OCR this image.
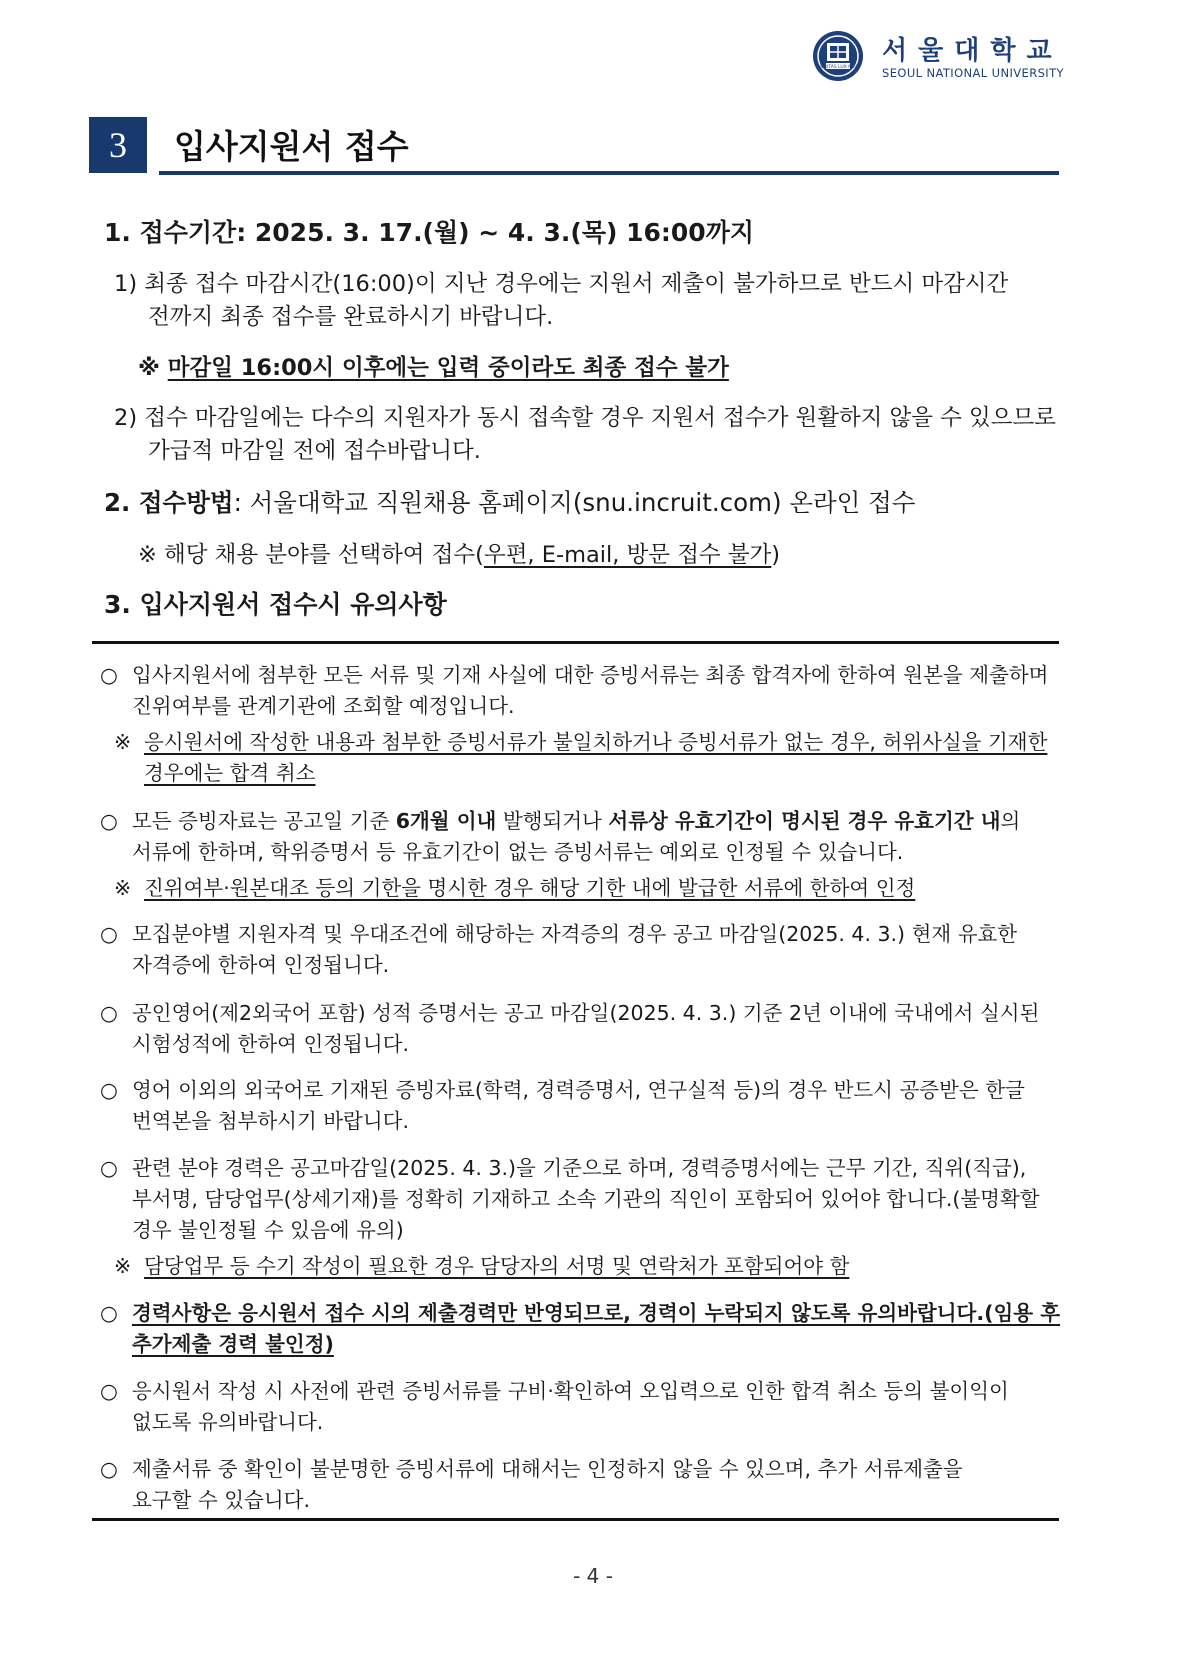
VERITAS LUX MEA
서울대학교
SEOUL NATIONAL UNIVERSITY
3	입사지원서 접수
1. 접수기간: 2025. 3. 17.(월) ~ 4. 3.(목) 16:00까지
1) 최종 접수 마감시간(16:00)이 지난 경우에는 지원서 제출이 불가하므로 반드시 마감시간
전까지 최종 접수를 완료하시기 바랍니다.
※ 마감일 16:00시 이후에는 입력 중이라도 최종 접수 불가
2) 접수 마감일에는 다수의 지원자가 동시 접속할 경우 지원서 접수가 원활하지 않을 수 있으므로
가급적 마감일 전에 접수바랍니다.
2. 접수방법: 서울대학교 직원채용 홈페이지(snu.incruit.com) 온라인 접수
※ 해당 채용 분야를 선택하여 접수(우편, E-mail, 방문 접수 불가)
3. 입사지원서 접수시 유의사항
○ 입사지원서에 첨부한 모든 서류 및 기재 사실에 대한 증빙서류는 최종 합격자에 한하여 원본을 제출하며
진위여부를 관계기관에 조회할 예정입니다.
※ 응시원서에 작성한 내용과 첨부한 증빙서류가 불일치하거나 증빙서류가 없는 경우, 허위사실을 기재한
경우에는 합격 취소
○ 모든 증빙자료는 공고일 기준 6개월 이내 발행되거나 서류상 유효기간이 명시된 경우 유효기간 내의
서류에 한하며, 학위증명서 등 유효기간이 없는 증빙서류는 예외로 인정될 수 있습니다.
※ 진위여부·원본대조 등의 기한을 명시한 경우 해당 기한 내에 발급한 서류에 한하여 인정
○ 모집분야별 지원자격 및 우대조건에 해당하는 자격증의 경우 공고 마감일(2025. 4. 3.) 현재 유효한
자격증에 한하여 인정됩니다.
○ 공인영어(제2외국어 포함) 성적 증명서는 공고 마감일(2025. 4. 3.) 기준 2년 이내에 국내에서 실시된
시험성적에 한하여 인정됩니다.
○ 영어 이외의 외국어로 기재된 증빙자료(학력, 경력증명서, 연구실적 등)의 경우 반드시 공증받은 한글
번역본을 첨부하시기 바랍니다.
○ 관련 분야 경력은 공고마감일(2025. 4. 3.)을 기준으로 하며, 경력증명서에는 근무 기간, 직위(직급),
부서명, 담당업무(상세기재)를 정확히 기재하고 소속 기관의 직인이 포함되어 있어야 합니다.(불명확할
경우 불인정될 수 있음에 유의)
※ 담당업무 등 수기 작성이 필요한 경우 담당자의 서명 및 연락처가 포함되어야 함
○ 경력사항은 응시원서 접수 시의 제출경력만 반영되므로, 경력이 누락되지 않도록 유의바랍니다.(임용 후
추가제출 경력 불인정)
○ 응시원서 작성 시 사전에 관련 증빙서류를 구비·확인하여 오입력으로 인한 합격 취소 등의 불이익이
없도록 유의바랍니다.
○ 제출서류 중 확인이 불분명한 증빙서류에 대해서는 인정하지 않을 수 있으며, 추가 서류제출을
요구할 수 있습니다.
- 4 -
